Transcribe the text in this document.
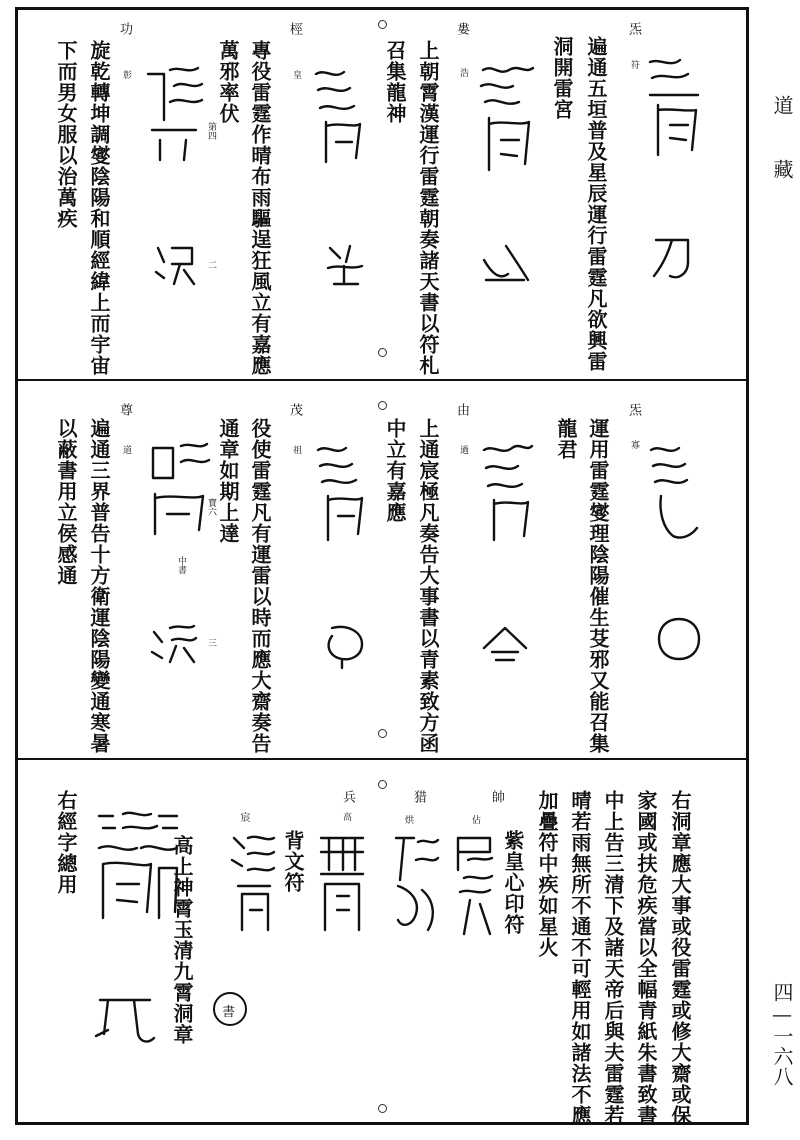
道藏
四—一六八
炁
符
洞開雷宮 遍通五垣普及星辰運行雷霆凡欲興雷
婁
浩
上朝霄漢運行雷霆朝奏諸天書以符札
召集龍神
桱
皇
專役雷霆作晴布雨驅逞狂風立有嘉應
萬邪率伏
第四
二
功
彰
旋乾轉坤調燮陰陽和順經緯上而宇宙
下而男女服以治萬疾
炁
寡
運用雷霆燮理陰陽催生芟邪又能召集
龍君
由
過
上通宸極凡奏告大事書以青素致方函
中立有嘉應
茂
祖
役使雷霆凡有運雷以時而應大齋奏告
通章如期上達
寶六
中書
三
尊
道
遍通三界普告十方衛運陰陽變通寒暑
以蔽書用立侯感通
右洞章應大事或役雷霆或修大齋或保
家國或扶危疾當以全幅青紙朱書致書
中上告三清下及諸天帝后與夫雷霆若
晴若雨無所不通不可輕用如諸法不應
加疊符中疾如星火
帥
佔
紫皇心印符
猎
烘
兵
高
宸
背文符
高上神霄玉清九霄洞章 書
右經字總用
